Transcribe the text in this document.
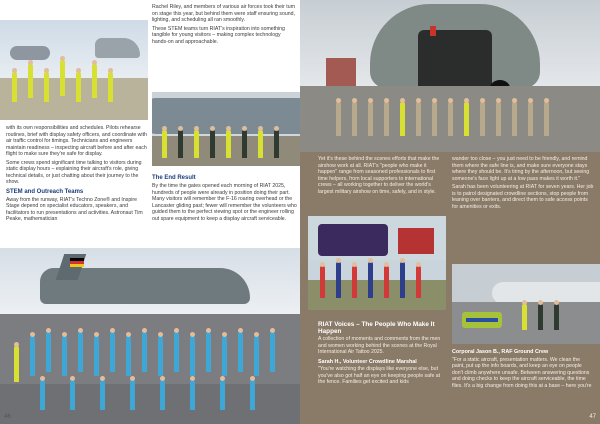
with its own responsibilities and schedules. Pilots rehearse routines, brief with display safety officers, and coordinate with air traffic control for timings. Technicians and engineers maintain readiness – inspecting aircraft before and after each flight to make sure they're safe for display.

Some crews spend significant time talking to visitors during static display hours – explaining their aircraft's role, giving technical details, or just chatting about their journey to the show.

STEM and Outreach Teams

Away from the runway, RIAT's Techno Zone® and Inspire Stage depend on specialist educators, speakers, and facilitators to run presentations and activities. Astronaut Tim Peake, mathematician

Rachel Riley, and members of various air forces took their turn on stage this year, but behind them were staff ensuring sound, lighting, and scheduling all ran smoothly.

These STEM teams turn RIAT's inspiration into something tangible for young visitors – making complex technology hands-on and approachable.

The End Result

By the time the gates opened each morning of RIAT 2025, hundreds of people were already in position doing their part. Many visitors will remember the F-16 roaring overhead or the Lancaster gliding past; fewer will remember the volunteers who guided them to the perfect viewing spot or the engineer rolling out spare equipment to keep a display aircraft serviceable.

46

Yet it's these behind the scenes efforts that make the airshow work at all. RIAT's "people who make it happen" range from seasoned professionals to first time helpers, from local supporters to international crews – all working together to deliver the world's largest military airshow on time, safely, and in style.

wander too close – you just need to be friendly, and remind them where the safe line is, and make sure everyone stays where they should be. It's tiring by the afternoon, but seeing someone's face light up at a low pass makes it worth it."

Sarah has been volunteering at RIAT for seven years. Her job is to patrol designated crowdline sections, stop people from leaning over barriers, and direct them to safe access points for amenities or exits.

RIAT Voices – The People Who Make It Happen

A collection of moments and comments from the men and women working behind the scenes at the Royal International Air Tattoo 2025.

Sarah H., Volunteer Crowdline Marshal

"You're watching the displays like everyone else, but you've also got half an eye on keeping people safe at the fence. Families get excited and kids

Corporal Jason B., RAF Ground Crew

"For a static aircraft, presentation matters. We clean the paint, put up the info boards, and keep an eye on people don't climb anywhere unsafe. Between answering questions and doing checks to keep the aircraft serviceable, the time flies. It's a big change from doing this at a base – here you're

47
